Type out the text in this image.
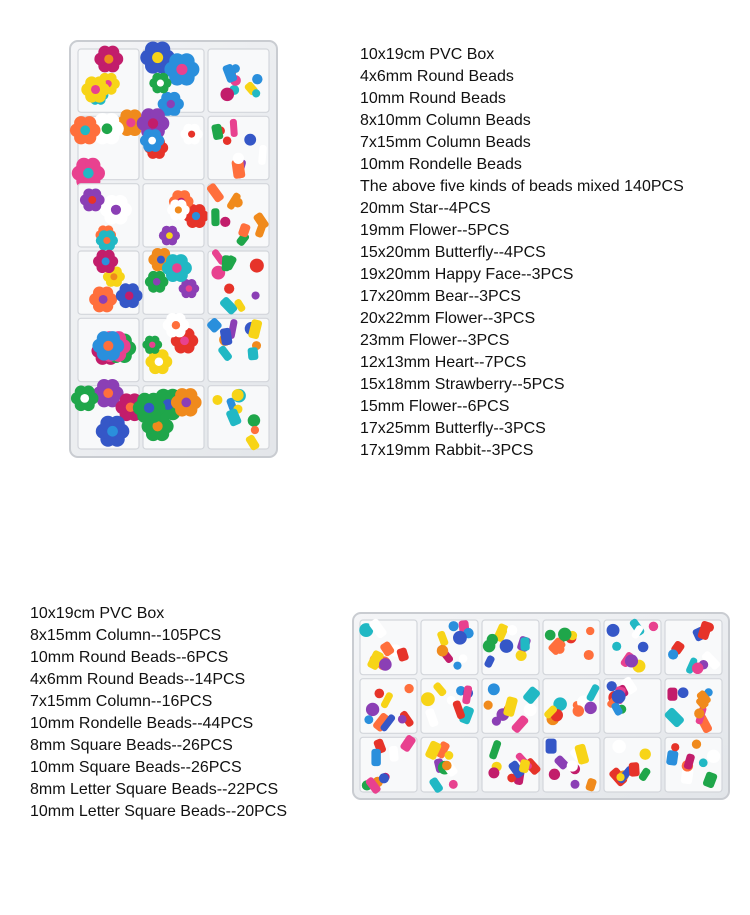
10x19cm PVC Box
4x6mm Round Beads
10mm Round Beads
8x10mm Column Beads
7x15mm Column Beads
10mm Rondelle Beads
The above five kinds of beads mixed 140PCS
20mm Star--4PCS
19mm Flower--5PCS
15x20mm Butterfly--4PCS
19x20mm Happy Face--3PCS
17x20mm Bear--3PCS
20x22mm Flower--3PCS
23mm Flower--3PCS
12x13mm Heart--7PCS
15x18mm Strawberry--5PCS
15mm Flower--6PCS
17x25mm Butterfly--3PCS
17x19mm Rabbit--3PCS
10x19cm PVC Box
8x15mm Column--105PCS
10mm Round Beads--6PCS
4x6mm Round Beads--14PCS
7x15mm Column--16PCS
10mm Rondelle Beads--44PCS
8mm Square Beads--26PCS
10mm Square Beads--26PCS
8mm Letter Square Beads--22PCS
10mm Letter Square Beads--20PCS
